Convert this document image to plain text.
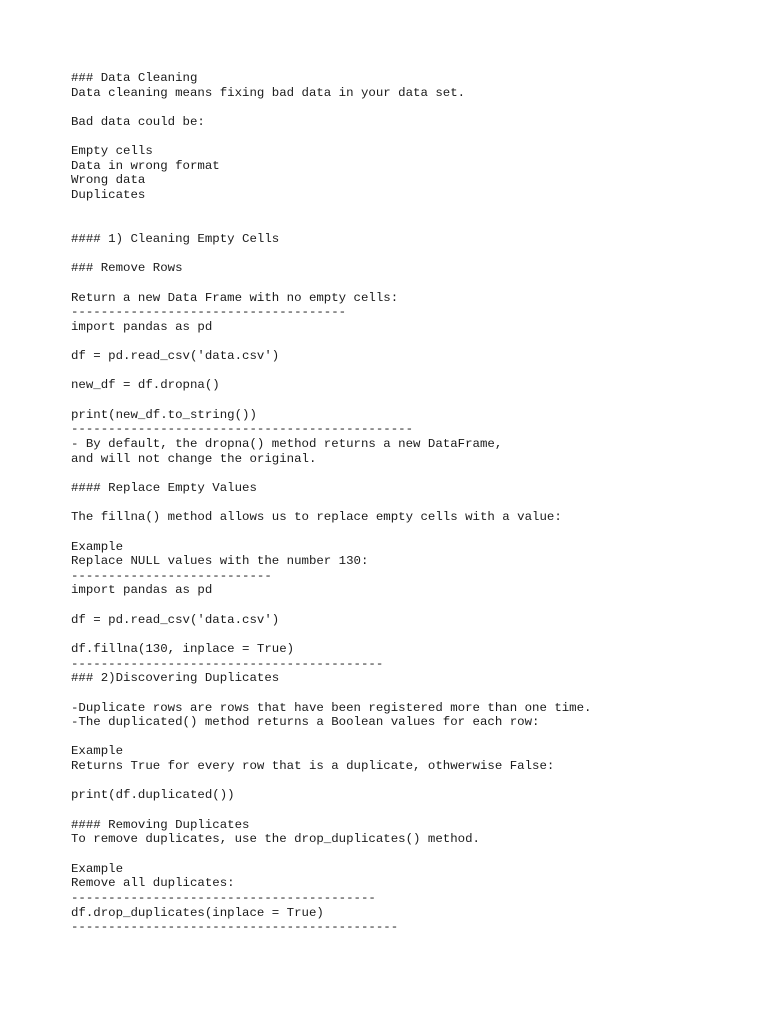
### Data Cleaning
Data cleaning means fixing bad data in your data set.
Bad data could be:
Empty cells
Data in wrong format
Wrong data
Duplicates
#### 1) Cleaning Empty Cells
### Remove Rows
Return a new Data Frame with no empty cells:
-------------------------------------
import pandas as pd
df = pd.read_csv('data.csv')
new_df = df.dropna()
print(new_df.to_string())
----------------------------------------------
- By default, the dropna() method returns a new DataFrame,
and will not change the original.
#### Replace Empty Values
The fillna() method allows us to replace empty cells with a value:
Example
Replace NULL values with the number 130:
---------------------------
import pandas as pd
df = pd.read_csv('data.csv')
df.fillna(130, inplace = True)
------------------------------------------
### 2)Discovering Duplicates
-Duplicate rows are rows that have been registered more than one time.
-The duplicated() method returns a Boolean values for each row:
Example
Returns True for every row that is a duplicate, othwerwise False:
print(df.duplicated())
#### Removing Duplicates
To remove duplicates, use the drop_duplicates() method.
Example
Remove all duplicates:
-----------------------------------------
df.drop_duplicates(inplace = True)
--------------------------------------------
